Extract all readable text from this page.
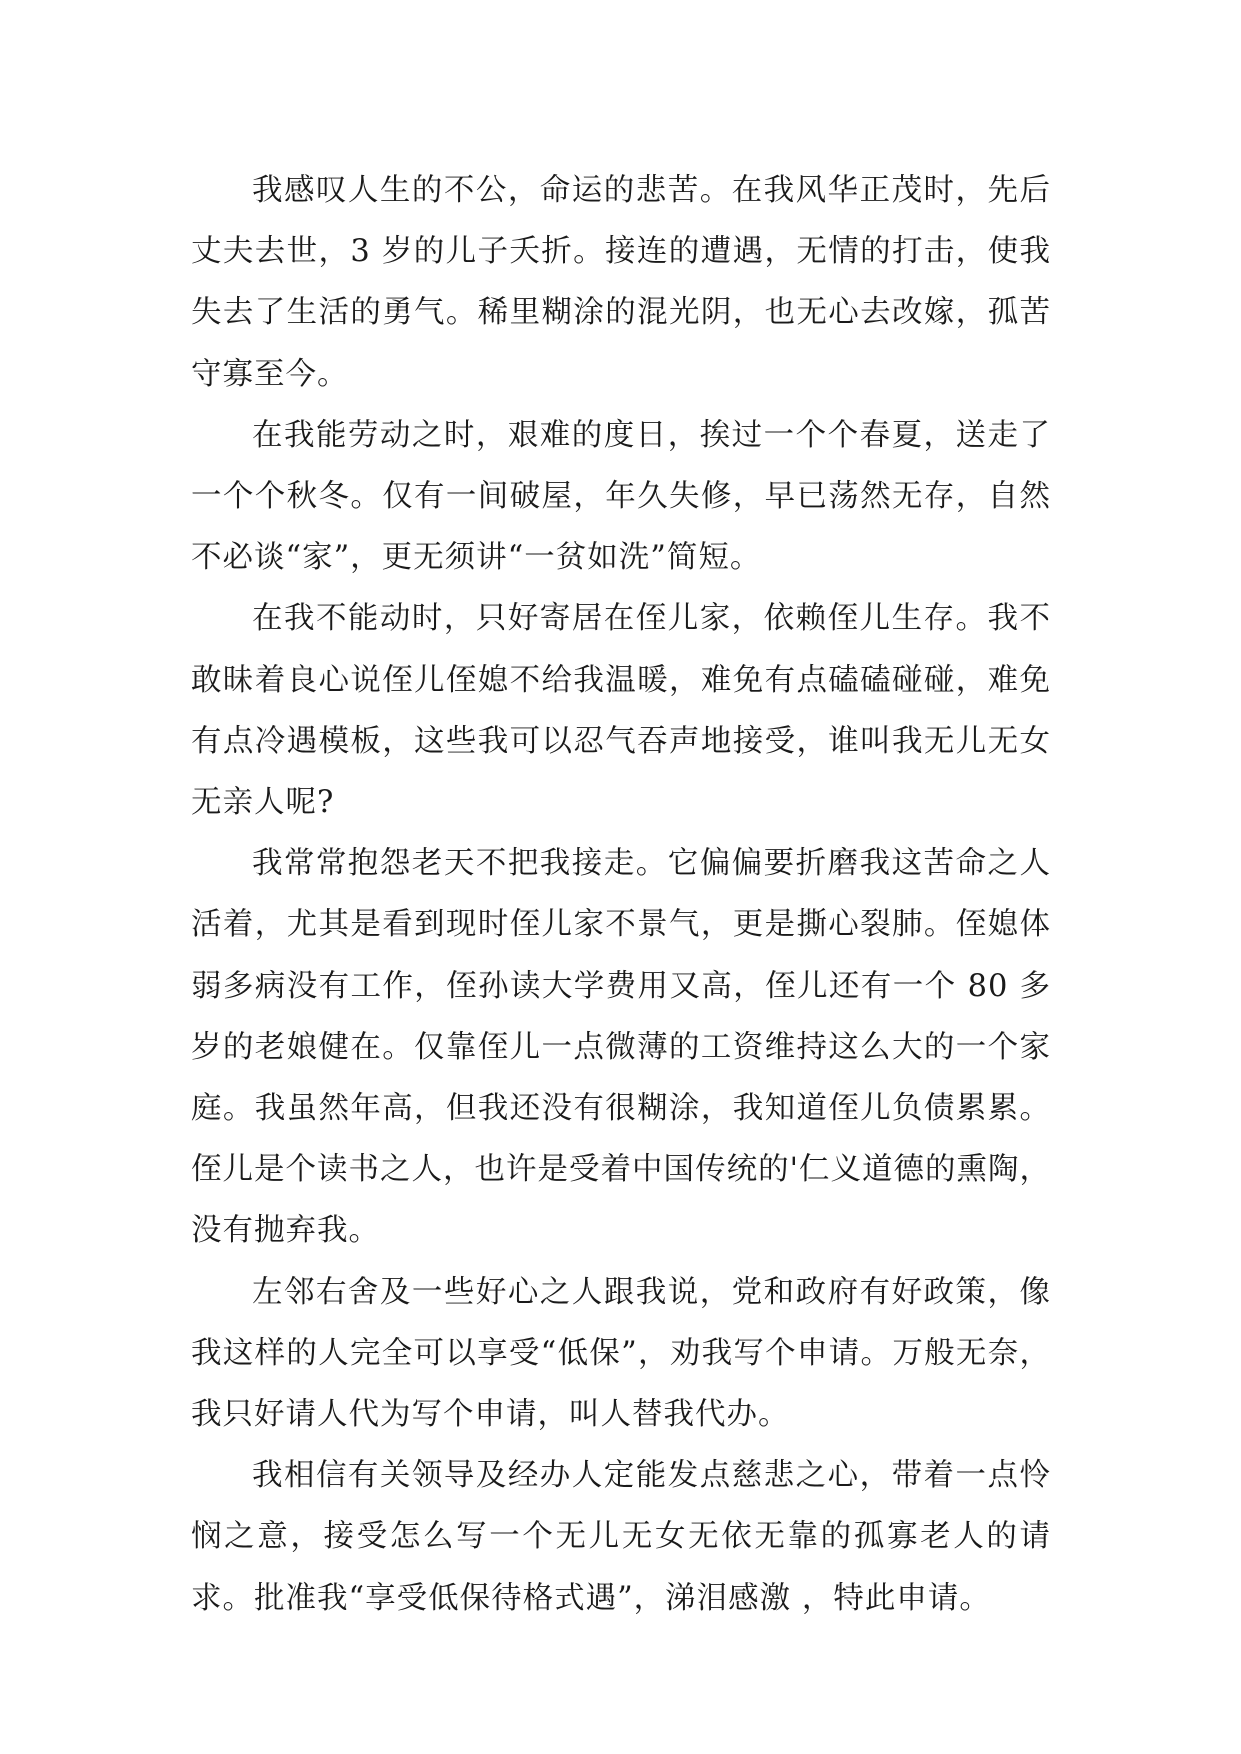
我感叹人生的不公，命运的悲苦。在我风华正茂时，先后丈夫去世，3 岁的儿子夭折。接连的遭遇，无情的打击，使我失去了生活的勇气。稀里糊涂的混光阴，也无心去改嫁，孤苦守寡至今。

在我能劳动之时，艰难的度日，挨过一个个春夏，送走了一个个秋冬。仅有一间破屋，年久失修，早已荡然无存，自然不必谈“家”，更无须讲“一贫如洗”简短。

在我不能动时，只好寄居在侄儿家，依赖侄儿生存。我不敢昧着良心说侄儿侄媳不给我温暖，难免有点磕磕碰碰，难免有点冷遇模板，这些我可以忍气吞声地接受，谁叫我无儿无女无亲人呢?

我常常抱怨老天不把我接走。它偏偏要折磨我这苦命之人活着，尤其是看到现时侄儿家不景气，更是撕心裂肺。侄媳体弱多病没有工作，侄孙读大学费用又高，侄儿还有一个 80 多岁的老娘健在。仅靠侄儿一点微薄的工资维持这么大的一个家庭。我虽然年高，但我还没有很糊涂，我知道侄儿负债累累。侄儿是个读书之人，也许是受着中国传统的'仁义道德的熏陶，没有抛弃我。

左邻右舍及一些好心之人跟我说，党和政府有好政策，像我这样的人完全可以享受“低保”，劝我写个申请。万般无奈，我只好请人代为写个申请，叫人替我代办。

我相信有关领导及经办人定能发点慈悲之心，带着一点怜悯之意，接受怎么写一个无儿无女无依无靠的孤寡老人的请求。批准我“享受低保待格式遇”，涕泪感激 ，特此申请。
